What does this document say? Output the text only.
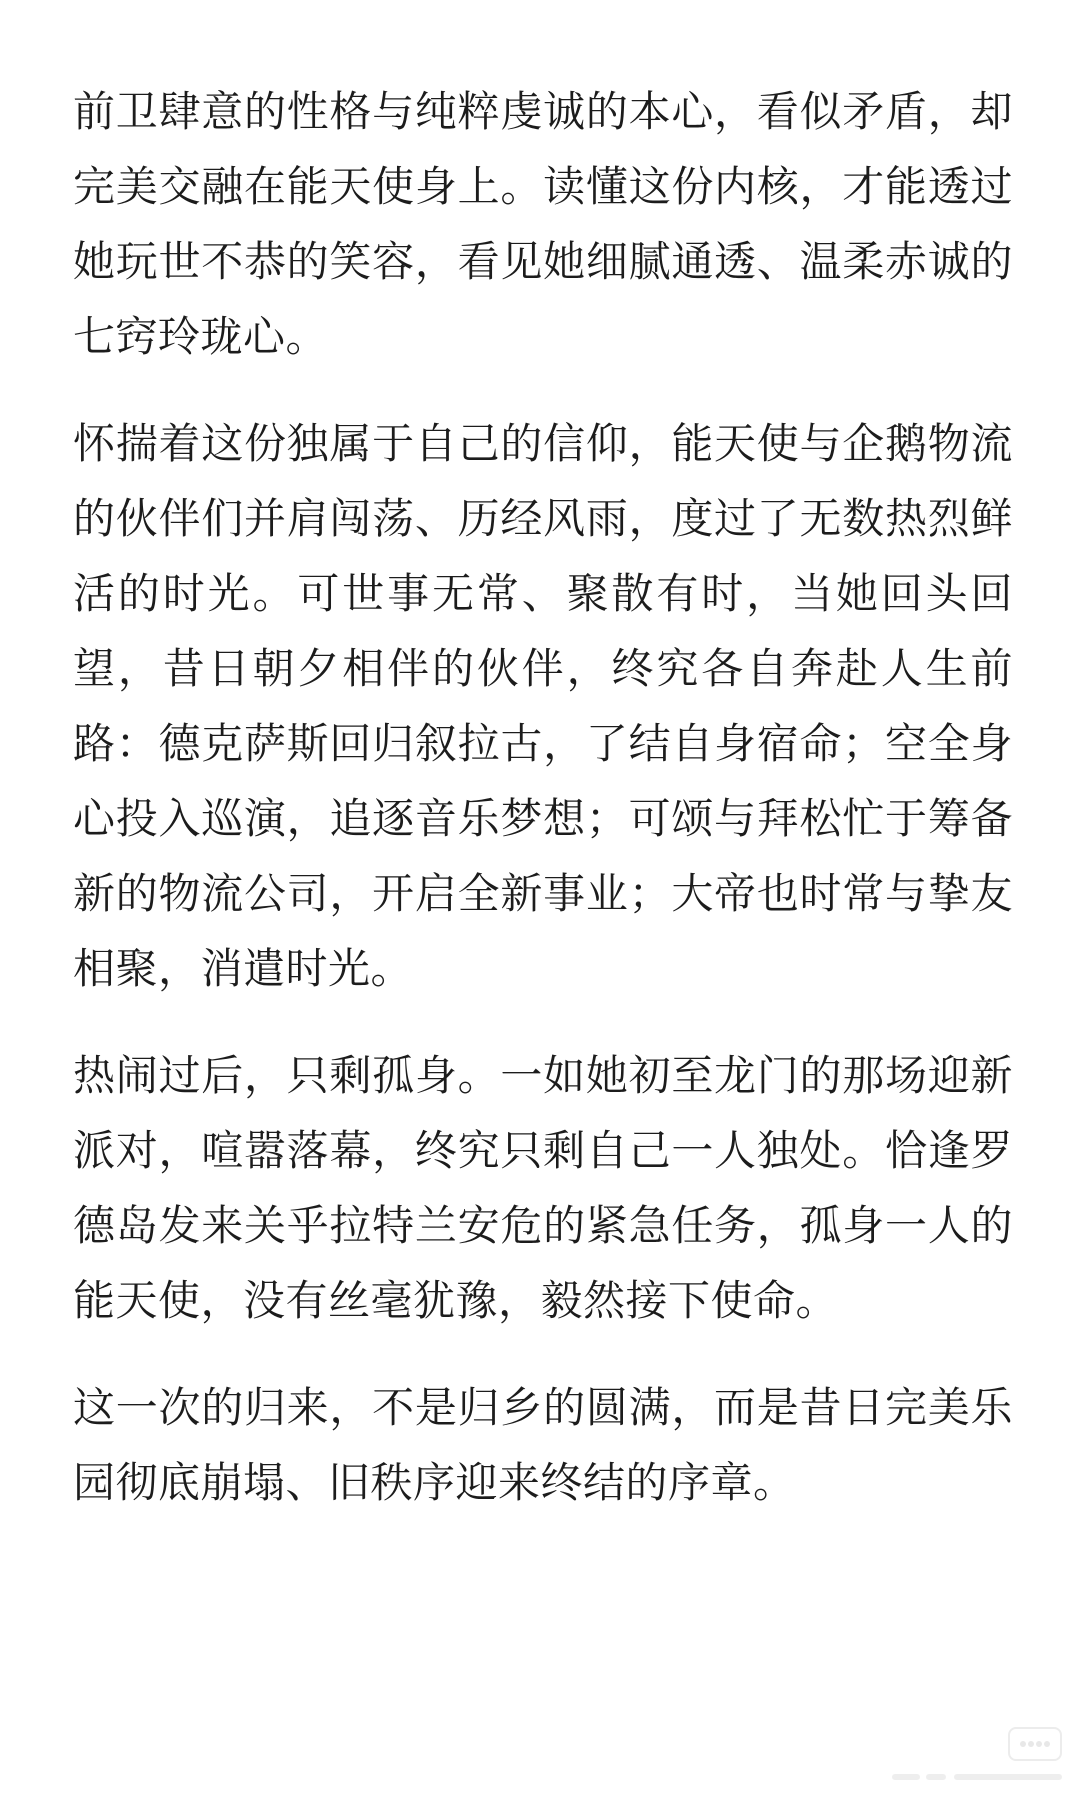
前卫肆意的性格与纯粹虔诚的本心，看似矛盾，却完美交融在能天使身上。读懂这份内核，才能透过她玩世不恭的笑容，看见她细腻通透、温柔赤诚的七窍玲珑心。

怀揣着这份独属于自己的信仰，能天使与企鹅物流的伙伴们并肩闯荡、历经风雨，度过了无数热烈鲜活的时光。可世事无常、聚散有时，当她回头回望，昔日朝夕相伴的伙伴，终究各自奔赴人生前路：德克萨斯回归叙拉古，了结自身宿命；空全身心投入巡演，追逐音乐梦想；可颂与拜松忙于筹备新的物流公司，开启全新事业；大帝也时常与挚友相聚，消遣时光。

热闹过后，只剩孤身。一如她初至龙门的那场迎新派对，喧嚣落幕，终究只剩自己一人独处。恰逢罗德岛发来关乎拉特兰安危的紧急任务，孤身一人的能天使，没有丝毫犹豫，毅然接下使命。

这一次的归来，不是归乡的圆满，而是昔日完美乐园彻底崩塌、旧秩序迎来终结的序章。
